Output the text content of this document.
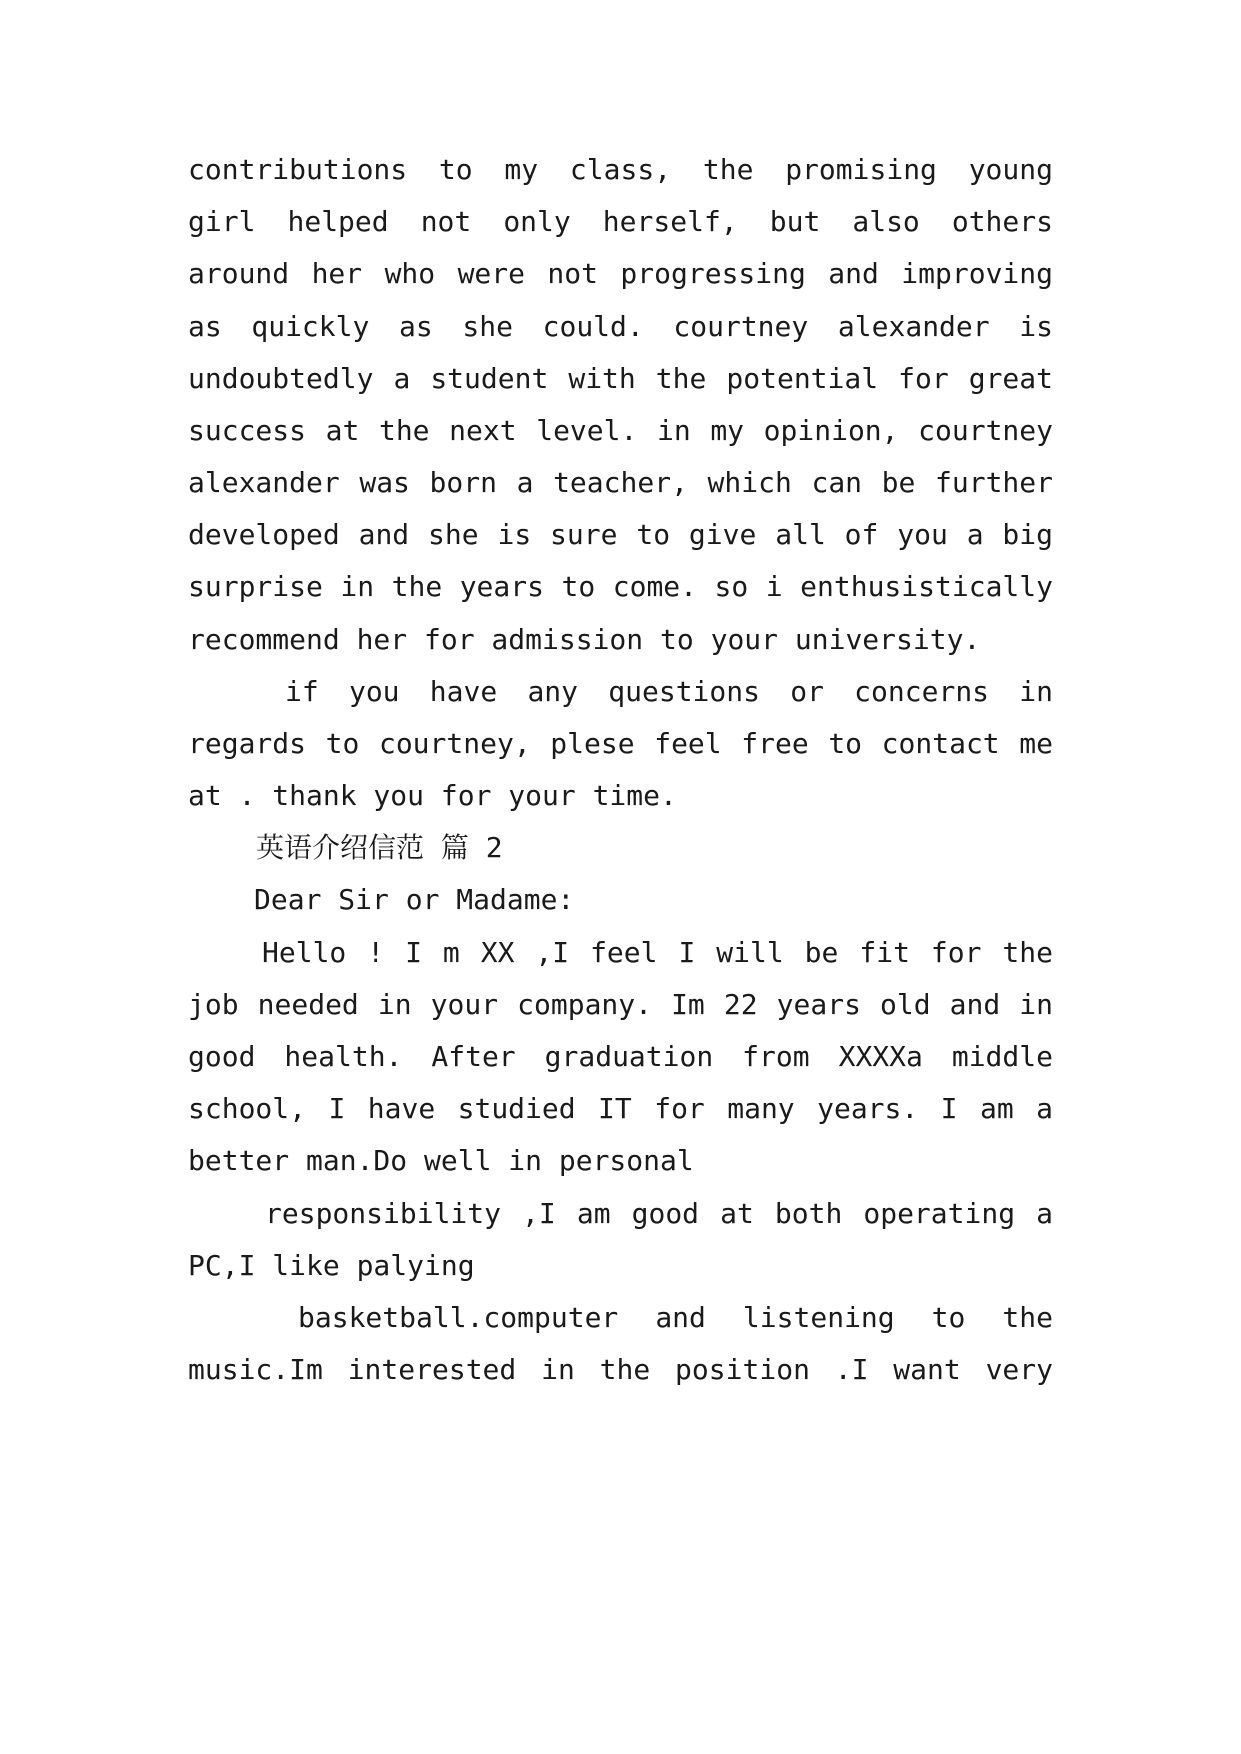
contributions to my class, the promising young
girl helped not only herself, but also others
around her who were not progressing and improving
as quickly as she could. courtney alexander is
undoubtedly a student with the potential for great
success at the next level. in my opinion, courtney
alexander was born a teacher, which can be further
developed and she is sure to give all of you a big
surprise in the years to come. so i enthusistically
recommend her for admission to your university.
if you have any questions or concerns in
regards to courtney, plese feel free to contact me
at . thank you for your time.
英语介绍信范 篇 2
Dear Sir or Madame:
Hello ! I m XX ,I feel I will be fit for the
job needed in your company. Im 22 years old and in
good health. After graduation from XXXXa middle
school, I have studied IT for many years. I am a
better man.Do well in personal
responsibility ,I am good at both operating a
PC,I like palying
basketball.computer and listening to the
music.Im interested in the position .I want very
